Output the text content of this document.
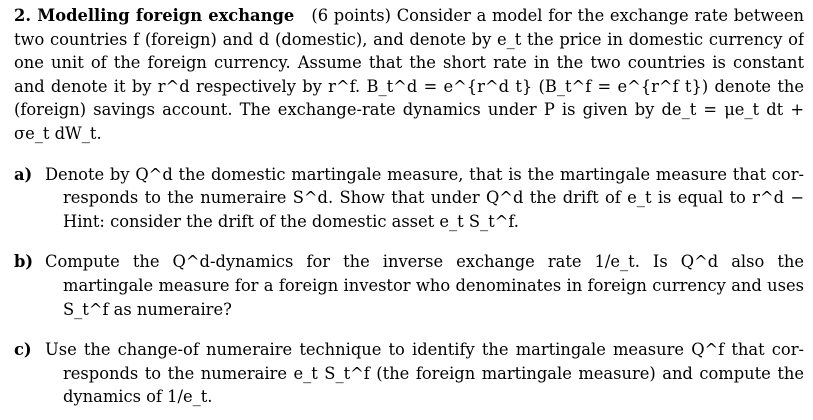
2. Modelling foreign exchange (6 points) Consider a model for the exchange rate between
two countries f (foreign) and d (domestic), and denote by e_t the price in domestic currency of
one unit of the foreign currency. Assume that the short rate in the two countries is constant
and denote it by r^d respectively by r^f. B_t^d = e^{r^d t} (B_t^f = e^{r^f t}) denote the
(foreign) savings account. The exchange-rate dynamics under P is given by de_t = μe_t dt +
σe_t dW_t.
a) Denote by Q^d the domestic martingale measure, that is the martingale measure that cor-
responds to the numeraire S^d. Show that under Q^d the drift of e_t is equal to r^d −
Hint: consider the drift of the domestic asset e_t S_t^f.
b) Compute the Q^d-dynamics for the inverse exchange rate 1/e_t. Is Q^d also the
martingale measure for a foreign investor who denominates in foreign currency and uses
S_t^f as numeraire?
c) Use the change-of numeraire technique to identify the martingale measure Q^f that cor-
responds to the numeraire e_t S_t^f (the foreign martingale measure) and compute the
dynamics of 1/e_t.
